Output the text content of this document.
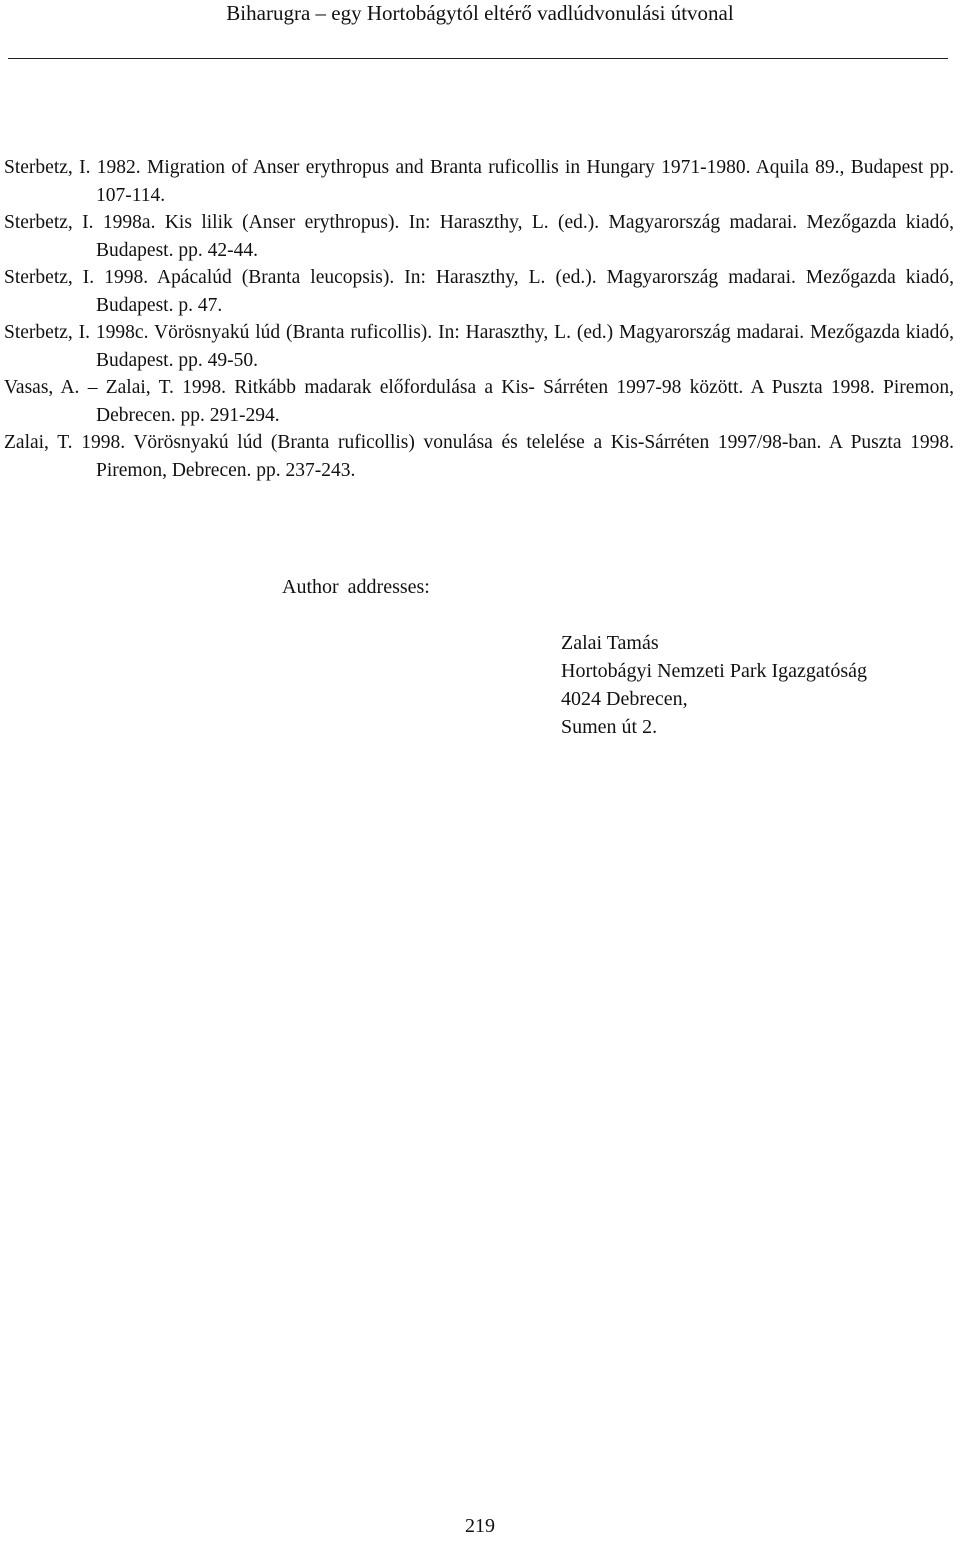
Biharugra – egy Hortobágytól eltérő vadlúdvonulási útvonal
Sterbetz, I. 1982. Migration of Anser erythropus and Branta ruficollis in Hungary 1971-1980. Aquila 89., Budapest pp. 107-114.
Sterbetz, I. 1998a. Kis lilik (Anser erythropus). In: Haraszthy, L. (ed.). Magyarország madarai. Mezőgazda kiadó, Budapest. pp. 42-44.
Sterbetz, I. 1998. Apácalúd (Branta leucopsis). In: Haraszthy, L. (ed.). Magyarország madarai. Mezőgazda kiadó, Budapest. p. 47.
Sterbetz, I. 1998c. Vörösnyakú lúd (Branta ruficollis). In: Haraszthy, L. (ed.) Magyarország madarai. Mezőgazda kiadó, Budapest. pp. 49-50.
Vasas, A. – Zalai, T. 1998. Ritkább madarak előfordulása a Kis- Sárréten 1997-98 között. A Puszta 1998. Piremon, Debrecen. pp. 291-294.
Zalai, T. 1998. Vörösnyakú lúd (Branta ruficollis) vonulása és telelése a Kis-Sárréten 1997/98-ban. A Puszta 1998. Piremon, Debrecen. pp. 237-243.
Author addresses:
Zalai Tamás
Hortobágyi Nemzeti Park Igazgatóság
4024 Debrecen,
Sumen út 2.
219
